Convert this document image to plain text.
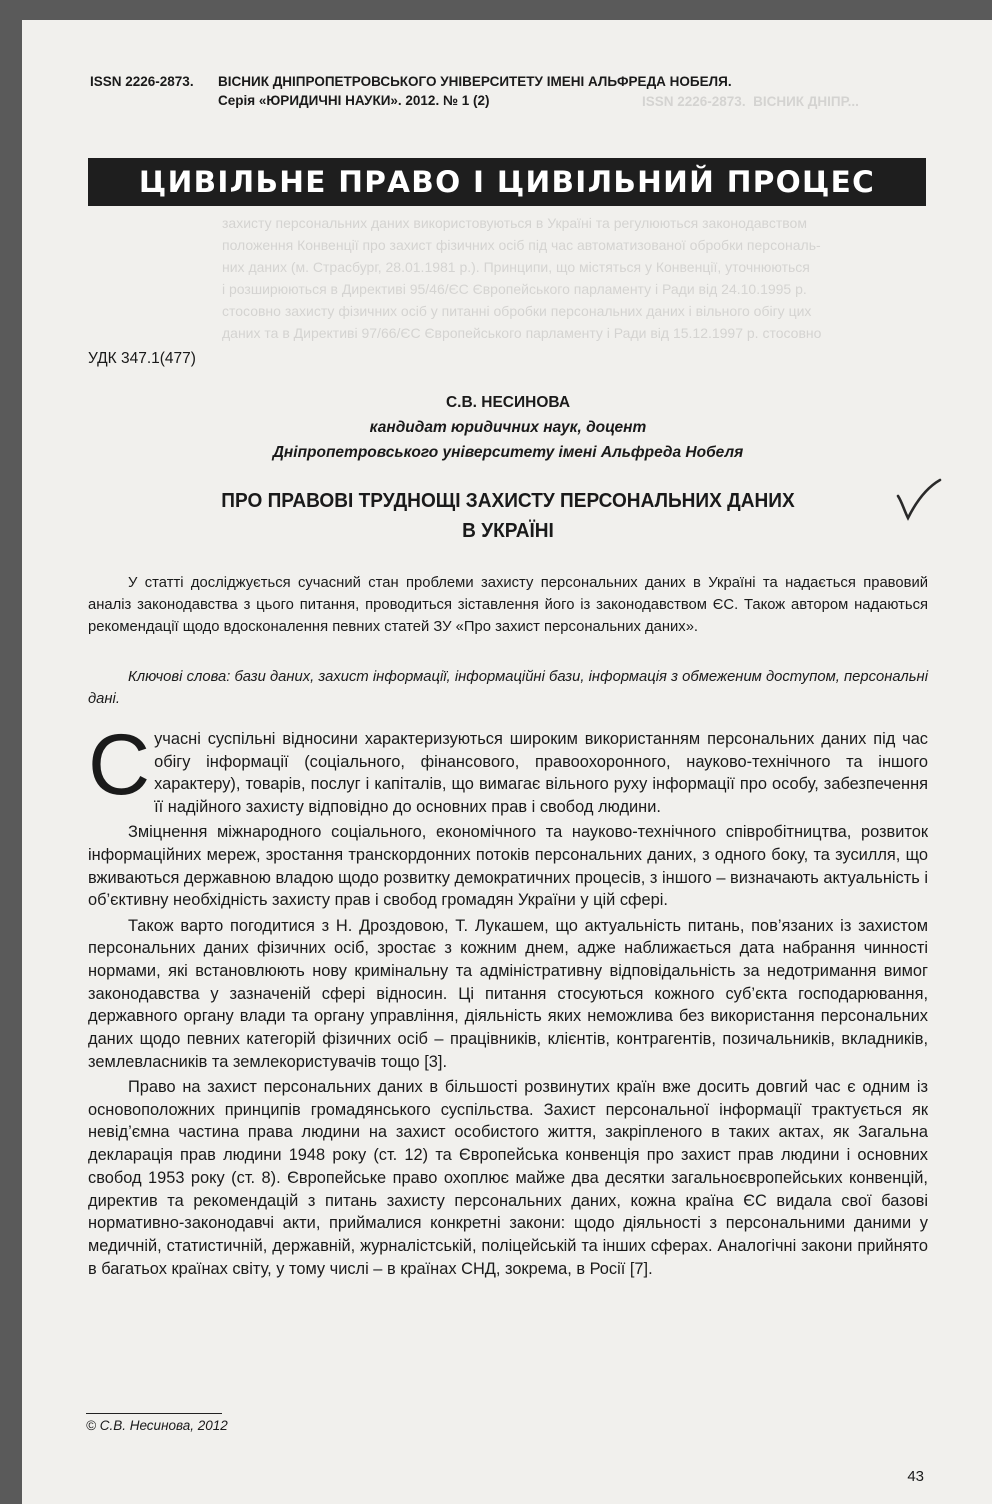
ISSN 2226-2873.  ВІСНИК ДНІПР...
захисту персональних даних використовуються в Україні та регулюються законодавством
положення Конвенції про захист фізичних осіб під час автоматизованої обробки персональ-
них даних (м. Страсбург, 28.01.1981 р.). Принципи, що містяться у Конвенції, уточнюються
і розширюються в Директиві 95/46/ЄС Європейського парламенту і Ради від 24.10.1995 р.
стосовно захисту фізичних осіб у питанні обробки персональних даних і вільного обігу цих
даних та в Директиві 97/66/ЄС Європейського парламенту і Ради від 15.12.1997 р. стосовно
ISSN 2226-2873. ВІСНИК ДНІПРОПЕТРОВСЬКОГО УНІВЕРСИТЕТУ ІМЕНІ АЛЬФРЕДА НОБЕЛЯ.
Серія «ЮРИДИЧНІ НАУКИ». 2012. № 1 (2)
ЦИВІЛЬНЕ ПРАВО І ЦИВІЛЬНИЙ ПРОЦЕС
УДК 347.1(477)
С.В. НЕСИНОВА
кандидат юридичних наук, доцент
Дніпропетровського університету імені Альфреда Нобеля
ПРО ПРАВОВІ ТРУДНОЩІ ЗАХИСТУ ПЕРСОНАЛЬНИХ ДАНИХ
В УКРАЇНІ
У статті досліджується сучасний стан проблеми захисту персональних даних в Україні та надається правовий аналіз законодавства з цього питання, проводиться зіставлення його із законодавством ЄС. Також автором надаються рекомендації щодо вдосконалення певних статей ЗУ «Про захист персональних даних».
Ключові слова: бази даних, захист інформації, інформаційні бази, інформація з обмеженим доступом, персональні дані.

Сучасні суспільні відносини характеризуються широким використанням персональних даних під час обігу інформації (соціального, фінансового, правоохоронного, науково-технічного та іншого характеру), товарів, послуг і капіталів, що вимагає вільного руху інформації про особу, забезпечення її надійного захисту відповідно до основних прав і свобод людини.

Зміцнення міжнародного соціального, економічного та науково-технічного співробітництва, розвиток інформаційних мереж, зростання транскордонних потоків персональних даних, з одного боку, та зусилля, що вживаються державною владою щодо розвитку демократичних процесів, з іншого – визначають актуальність і об’єктивну необхідність захисту прав і свобод громадян України у цій сфері.

Також варто погодитися з Н. Дроздовою, Т. Лукашем, що актуальність питань, пов’язаних із захистом персональних даних фізичних осіб, зростає з кожним днем, адже наближається дата набрання чинності нормами, які встановлюють нову кримінальну та адміністративну відповідальність за недотримання вимог законодавства у зазначеній сфері відносин. Ці питання стосуються кожного суб’єкта господарювання, державного органу влади та органу управління, діяльність яких неможлива без використання персональних даних щодо певних категорій фізичних осіб – працівників, клієнтів, контрагентів, позичальників, вкладників, землевласників та землекористувачів тощо [3].

Право на захист персональних даних в більшості розвинутих країн вже досить довгий час є одним із основоположних принципів громадянського суспільства. Захист персональної інформації трактується як невід’ємна частина права людини на захист особистого життя, закріпленого в таких актах, як Загальна декларація прав людини 1948 року (ст. 12) та Європейська конвенція про захист прав людини і основних свобод 1953 року (ст. 8). Європейське право охоплює майже два десятки загальноєвропейських конвенцій, директив та рекомендацій з питань захисту персональних даних, кожна країна ЄС видала свої базові нормативно-законодавчі акти, приймалися конкретні закони: щодо діяльності з персональними даними у медичній, статистичній, державній, журналістській, поліцейській та інших сферах. Аналогічні закони прийнято в багатьох країнах світу, у тому числі – в країнах СНД, зокрема, в Росії [7].

© С.В. Несинова, 2012
43
